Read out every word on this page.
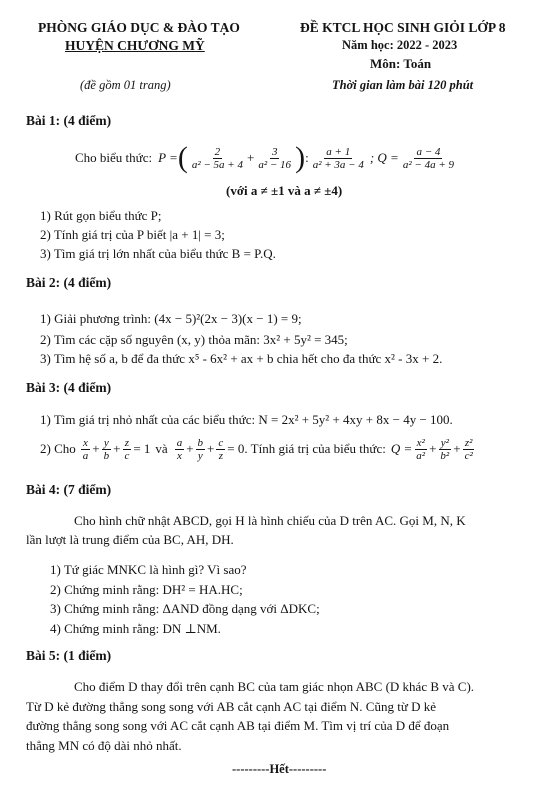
PHÒNG GIÁO DỤC & ĐÀO TẠO
HUYỆN CHƯƠNG MỸ
(đề gồm 01 trang)
ĐỀ KTCL HỌC SINH GIỎI LỚP 8
Năm học: 2022 - 2023
Môn: Toán
Thời gian làm bài 120 phút
Bài 1: (4 điểm)
Cho biểu thức: P = ( $\frac{2}{\text{a² − 5a + 4}} + \frac{3}{\text{a² − 16}}$ ) : $\frac{a + 1}{\text{a² + 3a − 4}}$ ; $Q = \frac{a - 4}{\text{a² − 4a + 9}}$
(với a ≠ ±1 và a ≠ ±4)
1) Rút gọn biểu thức P;
2) Tính giá trị của P biết |a + 1| = 3;
3) Tìm giá trị lớn nhất của biểu thức B = P.Q.
Bài 2: (4 điểm)
1) Giải phương trình: (4x − 5)²(2x − 3)(x − 1) = 9;
2) Tìm các cặp số nguyên (x, y) thỏa mãn: 3x² + 5y² = 345;
3) Tìm hệ số a, b để đa thức x⁵ - 6x² + ax + b chia hết cho đa thức x² - 3x + 2.
Bài 3: (4 điểm)
1) Tìm giá trị nhỏ nhất của các biểu thức: N = 2x² + 5y² + 4xy + 8x − 4y − 100.
2) Cho $\frac{x}{a} + \frac{y}{b} + \frac{z}{c} = 1$ và $\frac{a}{x} + \frac{b}{y} + \frac{c}{z} = 0$ . Tính giá trị của biểu thức: $Q = \frac{\text{x²}}{\text{a²}} + \frac{\text{y²}}{\text{b²}} + \frac{\text{z²}}{\text{c²}}$
Bài 4: (7 điểm)
Cho hình chữ nhật ABCD, gọi H là hình chiếu của D trên AC. Gọi M, N, K
lần lượt là trung điểm của BC, AH, DH.
1) Tứ giác MNKC là hình gì? Vì sao?
2) Chứng minh rằng: DH² = HA.HC;
3) Chứng minh rằng: ΔAND đồng dạng với ΔDKC;
4) Chứng minh rằng: DN ⊥NM.
Bài 5: (1 điểm)
Cho điểm D thay đổi trên cạnh BC của tam giác nhọn ABC (D khác B và C).
Từ D kẻ đường thẳng song song với AB cắt cạnh AC tại điểm N. Cũng từ D kẻ
đường thẳng song song với AC cắt cạnh AB tại điểm M. Tìm vị trí của D để đoạn
thẳng MN có độ dài nhỏ nhất.
---------Hết---------
